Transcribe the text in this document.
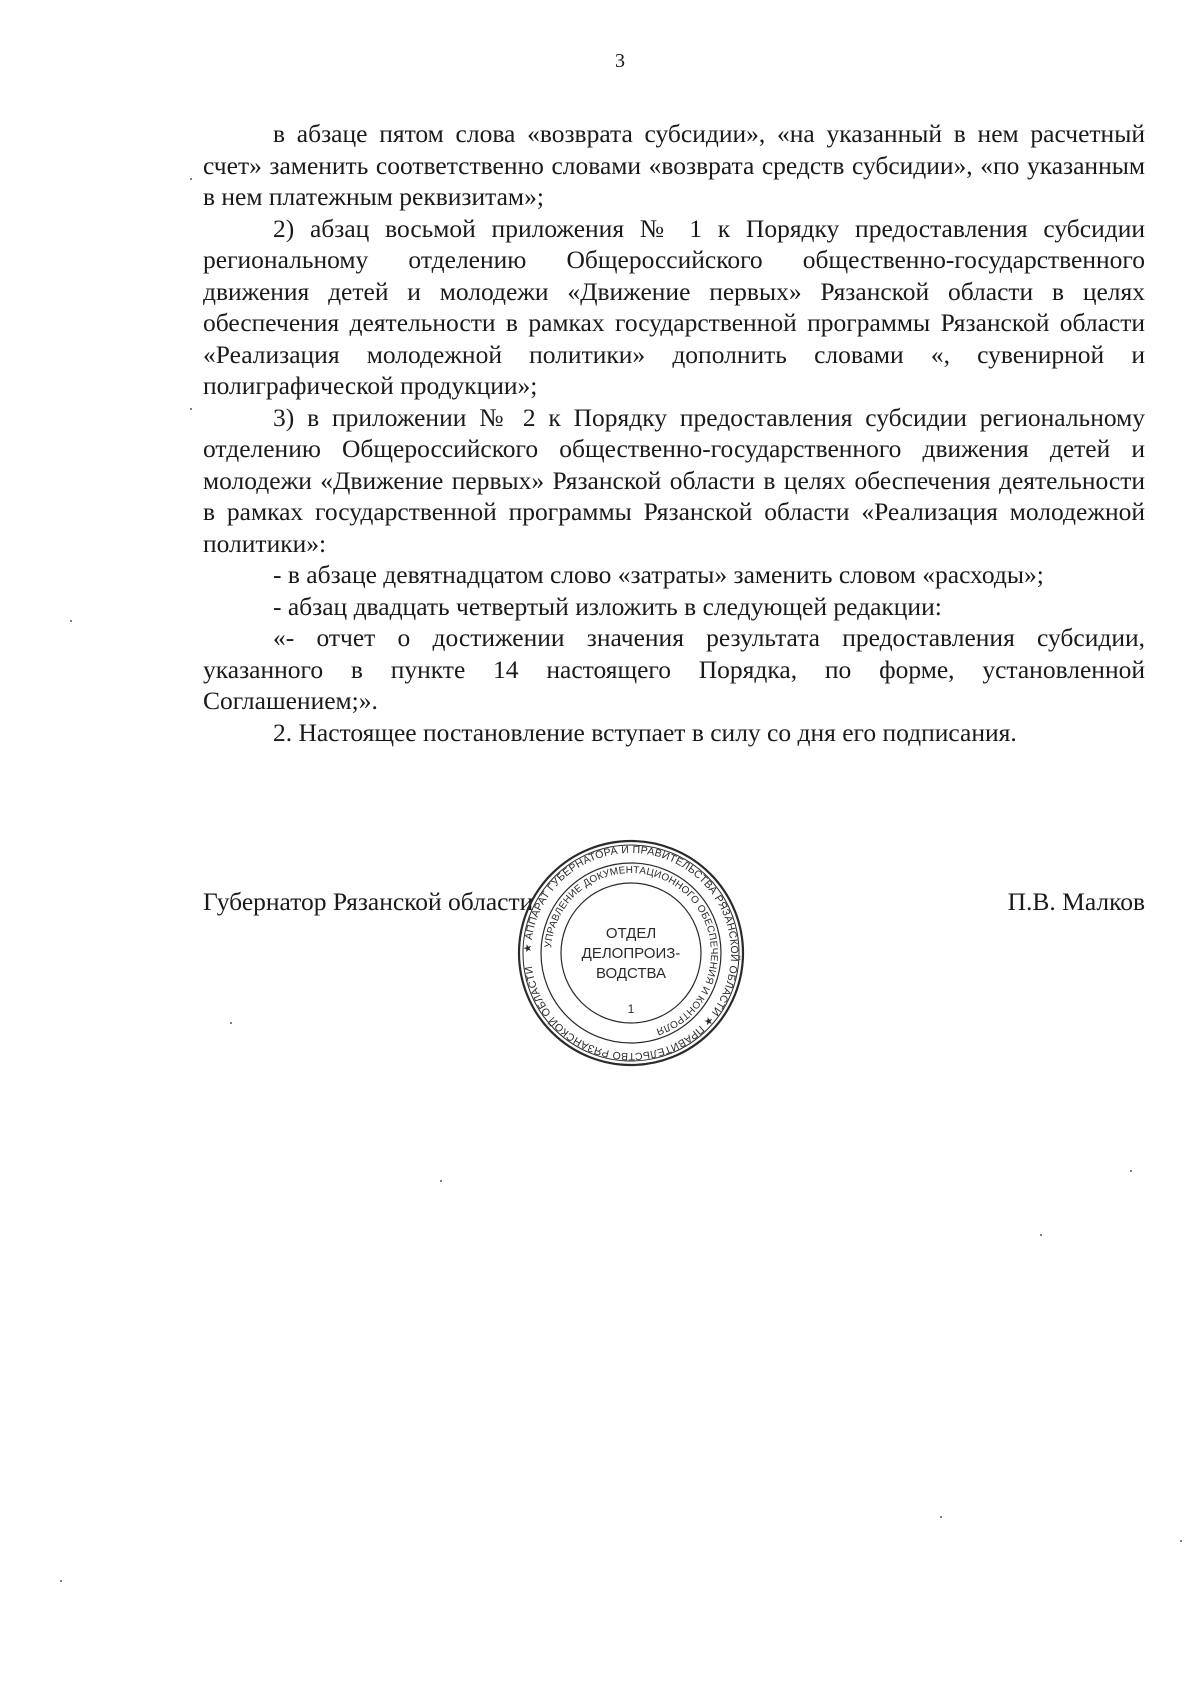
3

в абзаце пятом слова «возврата субсидии», «на указанный в нем расчетный счет» заменить соответственно словами «возврата средств субсидии», «по указанным в нем платежным реквизитам»;

2) абзац восьмой приложения № 1 к Порядку предоставления субсидии региональному отделению Общероссийского общественно-государственного движения детей и молодежи «Движение первых» Рязанской области в целях обеспечения деятельности в рамках государственной программы Рязанской области «Реализация молодежной политики» дополнить словами «, сувенирной и полиграфической продукции»;

3) в приложении № 2 к Порядку предоставления субсидии региональному отделению Общероссийского общественно-государственного движения детей и молодежи «Движение первых» Рязанской области в целях обеспечения деятельности в рамках государственной программы Рязанской области «Реализация молодежной политики»:

- в абзаце девятнадцатом слово «затраты» заменить словом «расходы»;

- абзац двадцать четвертый изложить в следующей редакции:

«- отчет о достижении значения результата предоставления субсидии, указанного в пункте 14 настоящего Порядка, по форме, установленной Соглашением;».

2. Настоящее постановление вступает в силу со дня его подписания.

Губернатор Рязанской области	П.В. Малков
★ АППАРАТ ГУБЕРНАТОРА И ПРАВИТЕЛЬСТВА РЯЗАНСКОЙ ОБЛАСТИ ★ ПРАВИТЕЛЬСТВО РЯЗАНСКОЙ ОБЛАСТИ
УПРАВЛЕНИЕ ДОКУМЕНТАЦИОННОГО ОБЕСПЕЧЕНИЯ И КОНТРОЛЯ
ОТДЕЛ
ДЕЛОПРОИЗ-
ВОДСТВА
1
